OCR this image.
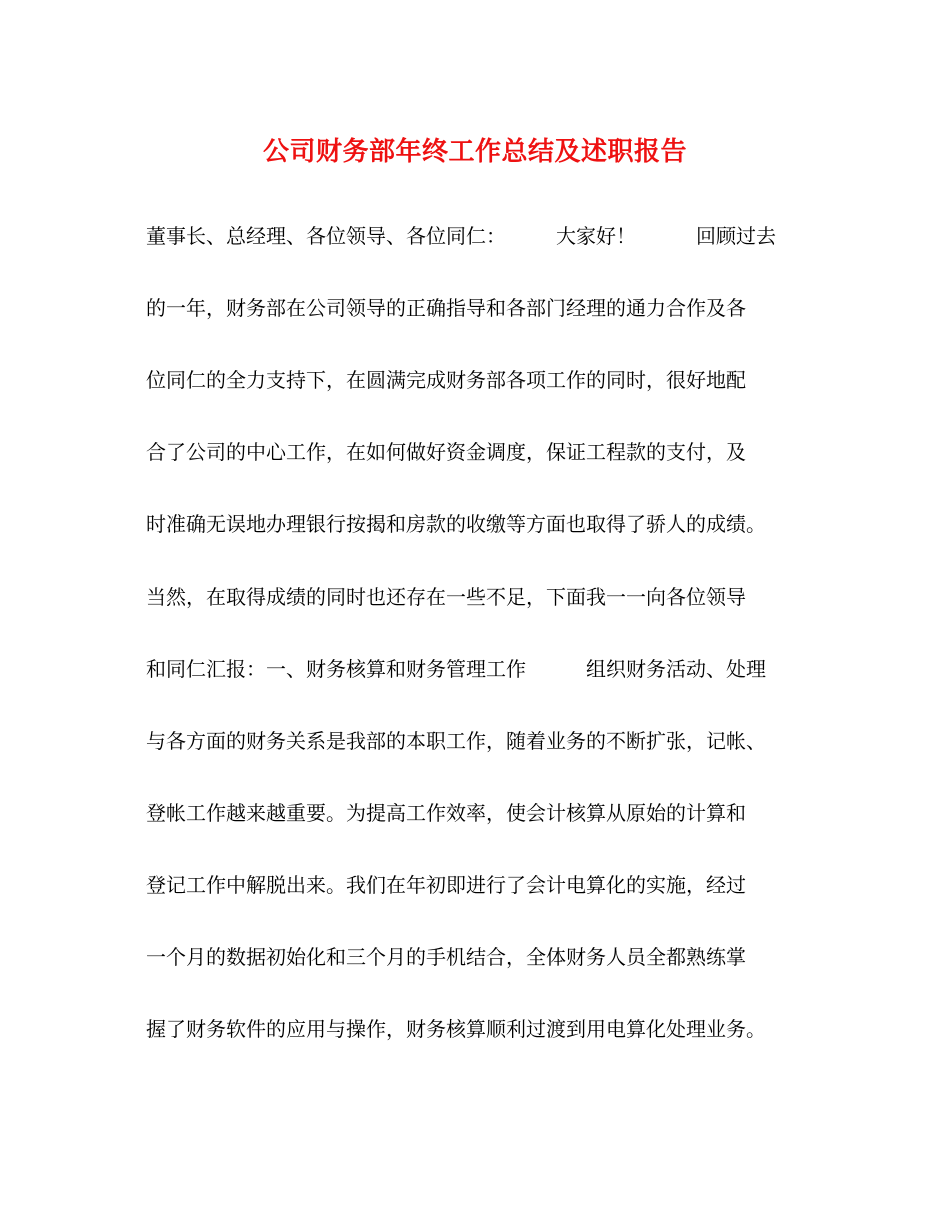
公司财务部年终工作总结及述职报告

董事长、总经理、各位领导、各位同仁：　　　大家好！　　　回顾过去

的一年，财务部在公司领导的正确指导和各部门经理的通力合作及各

位同仁的全力支持下，在圆满完成财务部各项工作的同时，很好地配

合了公司的中心工作，在如何做好资金调度，保证工程款的支付，及

时准确无误地办理银行按揭和房款的收缴等方面也取得了骄人的成绩。

当然，在取得成绩的同时也还存在一些不足，下面我一一向各位领导

和同仁汇报：一、财务核算和财务管理工作　　　组织财务活动、处理

与各方面的财务关系是我部的本职工作，随着业务的不断扩张，记帐、

登帐工作越来越重要。为提高工作效率，使会计核算从原始的计算和

登记工作中解脱出来。我们在年初即进行了会计电算化的实施，经过

一个月的数据初始化和三个月的手机结合，全体财务人员全都熟练掌

握了财务软件的应用与操作，财务核算顺利过渡到用电算化处理业务。
